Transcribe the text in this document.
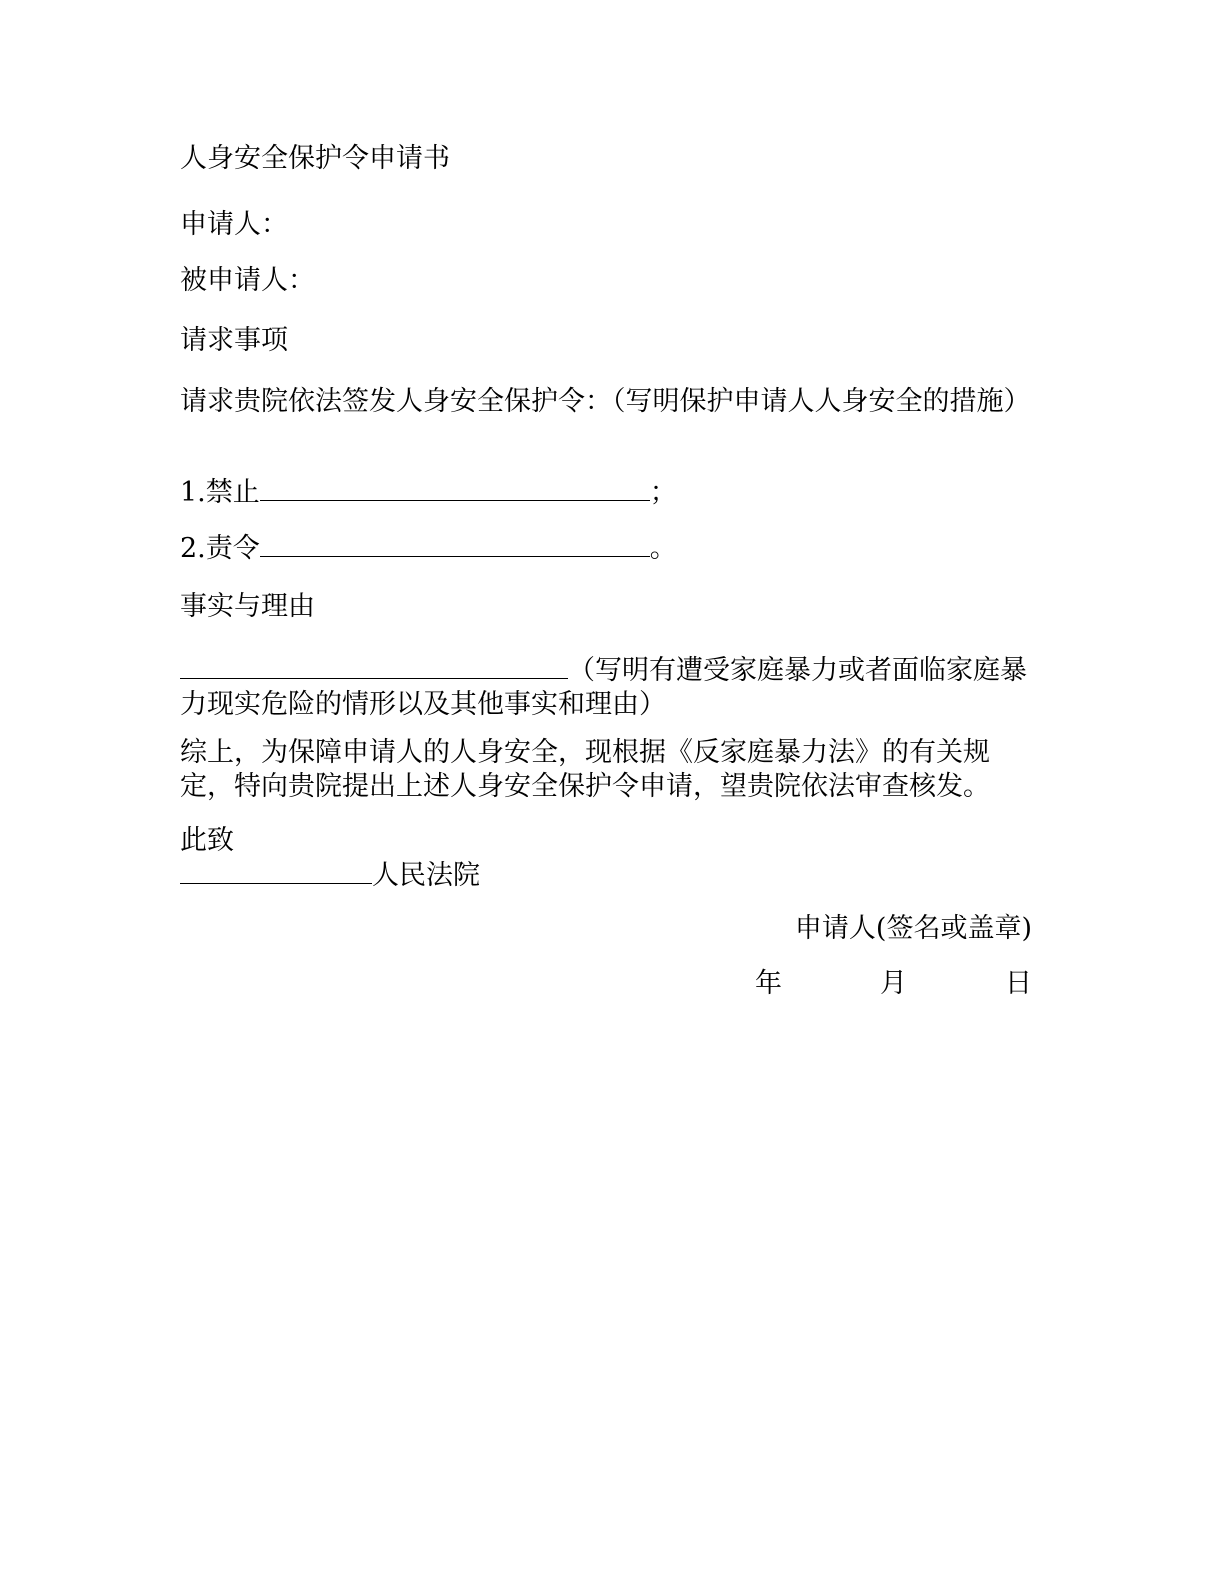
人身安全保护令申请书
申请人：
被申请人：
请求事项
请求贵院依法签发人身安全保护令：（写明保护申请人人身安全的措施）
1.禁止	；
2.责令	。
事实与理由
（写明有遭受家庭暴力或者面临家庭暴力现实危险的情形以及其他事实和理由）
综上，为保障申请人的人身安全，现根据《反家庭暴力法》的有关规定，特向贵院提出上述人身安全保护令申请，望贵院依法审查核发。
此致
人民法院
申请人(签名或盖章)
年	月	日
